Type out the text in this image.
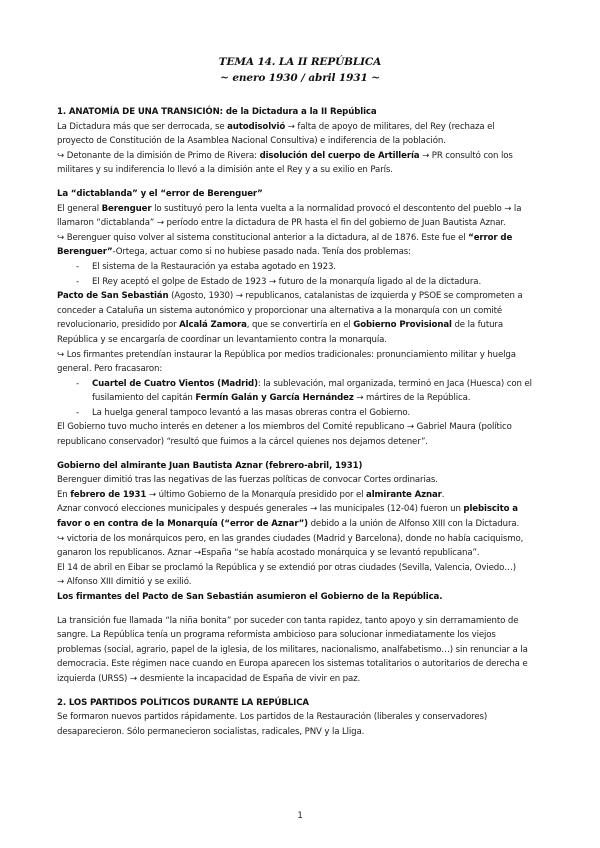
TEMA 14. LA II REPÚBLICA
~ enero 1930 / abril 1931 ~

1. ANATOMÍA DE UNA TRANSICIÓN: de la Dictadura a la II República

La Dictadura más que ser derrocada, se autodisolvió → falta de apoyo de militares, del Rey (rechaza el

proyecto de Constitución de la Asamblea Nacional Consultiva) e indiferencia de la población.

↪ Detonante de la dimisión de Primo de Rivera: disolución del cuerpo de Artillería → PR consultó con los

militares y su indiferencia lo llevó a la dimisión ante el Rey y a su exilio en París.

La “dictablanda” y el “error de Berenguer”

El general Berenguer lo sustituyó pero la lenta vuelta a la normalidad provocó el descontento del pueblo → la

llamaron “dictablanda” → período entre la dictadura de PR hasta el fin del gobierno de Juan Bautista Aznar.

↪ Berenguer quiso volver al sistema constitucional anterior a la dictadura, al de 1876. Este fue el “error de

Berenguer”-Ortega, actuar como si no hubiese pasado nada. Tenía dos problemas:

- El sistema de la Restauración ya estaba agotado en 1923.

- El Rey aceptó el golpe de Estado de 1923 → futuro de la monarquía ligado al de la dictadura.

Pacto de San Sebastián (Agosto, 1930) → republicanos, catalanistas de izquierda y PSOE se comprometen a

conceder a Cataluña un sistema autonómico y proporcionar una alternativa a la monarquía con un comité

revolucionario, presidido por Alcalá Zamora, que se convertiría en el Gobierno Provisional de la futura

República y se encargaría de coordinar un levantamiento contra la monarquía.

↪ Los firmantes pretendían instaurar la República por medios tradicionales: pronunciamiento militar y huelga

general. Pero fracasaron:

- Cuartel de Cuatro Vientos (Madrid): la sublevación, mal organizada, terminó en Jaca (Huesca) con el

fusilamiento del capitán Fermín Galán y García Hernández → mártires de la República.

- La huelga general tampoco levantó a las masas obreras contra el Gobierno.

El Gobierno tuvo mucho interés en detener a los miembros del Comité republicano → Gabriel Maura (político

republicano conservador) “resultó que fuimos a la cárcel quienes nos dejamos detener”.

Gobierno del almirante Juan Bautista Aznar (febrero-abril, 1931)

Berenguer dimitió tras las negativas de las fuerzas políticas de convocar Cortes ordinarias.

En febrero de 1931 → último Gobierno de la Monarquía presidido por el almirante Aznar.

Aznar convocó elecciones municipales y después generales → las municipales (12-04) fueron un plebiscito a

favor o en contra de la Monarquía (“error de Aznar”) debido a la unión de Alfonso XIII con la Dictadura.

↪ victoria de los monárquicos pero, en las grandes ciudades (Madrid y Barcelona), donde no había caciquismo,

ganaron los republicanos. Aznar →España “se había acostado monárquica y se levantó republicana”.

El 14 de abril en Eibar se proclamó la República y se extendió por otras ciudades (Sevilla, Valencia, Oviedo…)

→ Alfonso XIII dimitió y se exilió.

Los firmantes del Pacto de San Sebastián asumieron el Gobierno de la República.

La transición fue llamada “la niña bonita” por suceder con tanta rapidez, tanto apoyo y sin derramamiento de

sangre. La República tenía un programa reformista ambicioso para solucionar inmediatamente los viejos

problemas (social, agrario, papel de la iglesia, de los militares, nacionalismo, analfabetismo…) sin renunciar a la

democracia. Este régimen nace cuando en Europa aparecen los sistemas totalitarios o autoritarios de derecha e

izquierda (URSS) → desmiente la incapacidad de España de vivir en paz.

2. LOS PARTIDOS POLÍTICOS DURANTE LA REPÚBLICA

Se formaron nuevos partidos rápidamente. Los partidos de la Restauración (liberales y conservadores)

desaparecieron. Sólo permanecieron socialistas, radicales, PNV y la Lliga.

1
